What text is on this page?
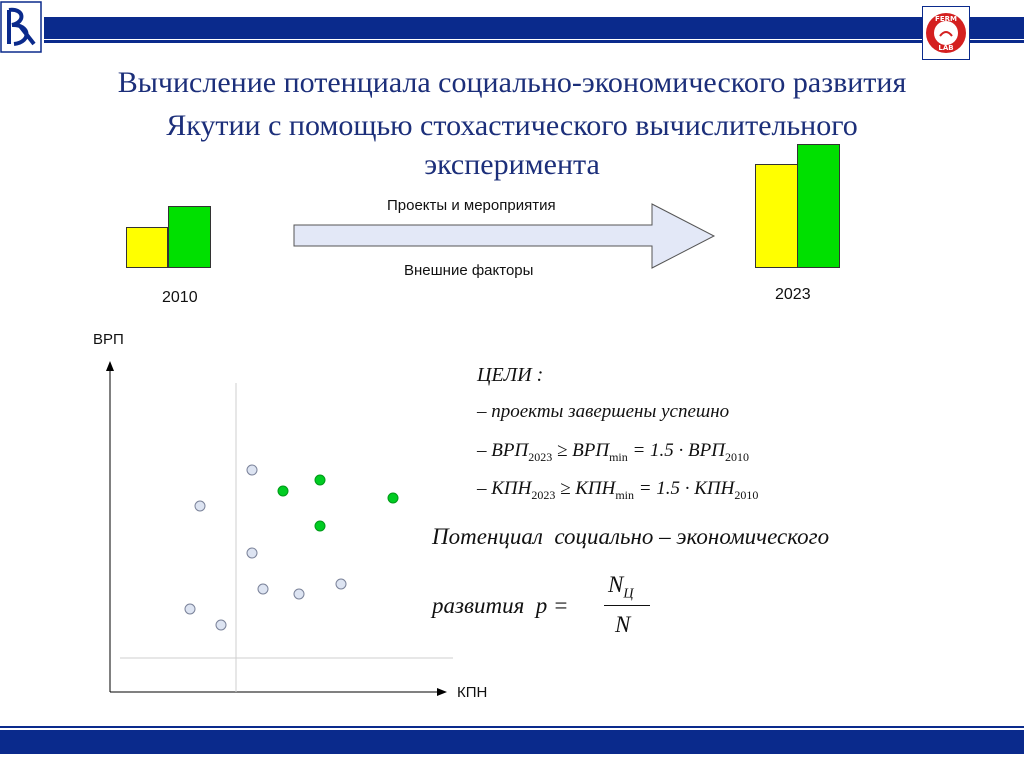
FERM
LAB
Вычисление потенциала социально-экономического развития
Якутии с помощью стохастического вычислительного
эксперимента
2010	2023
Проекты и мероприятия
Внешние факторы
ВРП
КПН
ЦЕЛИ :
– проекты завершены успешно
– $ВРП_{2023} \ge ВРП_{min} = 1.5 \cdot ВРП_{2010}$
– $КПН_{2023} \ge КПН_{min} = 1.5 \cdot КПН_{2010}$
Потенциал  социально – экономического
развития  p =
$N_Ц$
N
